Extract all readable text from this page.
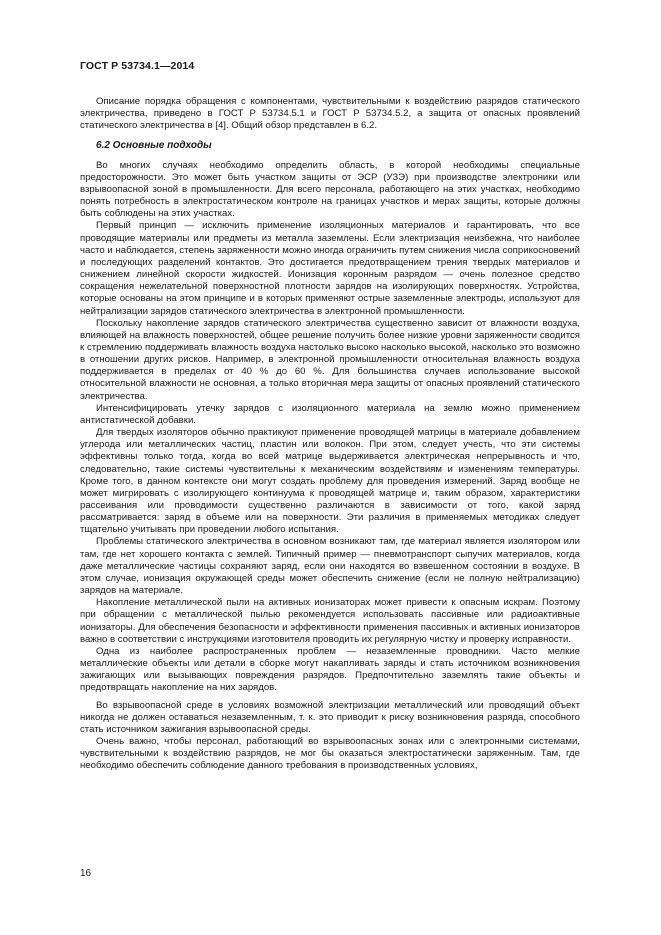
ГОСТ Р 53734.1—2014

Описание порядка обращения с компонентами, чувствительными к воздействию разрядов статического электричества, приведено в ГОСТ Р 53734.5.1 и ГОСТ Р 53734.5.2, а защита от опасных проявлений статического электричества в [4]. Общий обзор представлен в 6.2.

6.2 Основные подходы

Во многих случаях необходимо определить область, в которой необходимы специальные предосторожности. Это может быть участком защиты от ЭСР (УЗЭ) при производстве электроники или взрывоопасной зоной в промышленности. Для всего персонала, работающего на этих участках, необходимо понять потребность в электростатическом контроле на границах участков и мерах защиты, которые должны быть соблюдены на этих участках.

Первый принцип — исключить применение изоляционных материалов и гарантировать, что все проводящие материалы или предметы из металла заземлены. Если электризация неизбежна, что наиболее часто и наблюдается, степень заряженности можно иногда ограничить путем снижения числа соприкосновений и последующих разделений контактов. Это достигается предотвращением трения твердых материалов и снижением линейной скорости жидкостей. Ионизация коронным разрядом — очень полезное средство сокращения нежелательной поверхностной плотности зарядов на изолирующих поверхностях. Устройства, которые основаны на этом принципе и в которых применяют острые заземленные электроды, используют для нейтрализации зарядов статического электричества в электронной промышленности.

Поскольку накопление зарядов статического электричества существенно зависит от влажности воздуха, влияющей на влажность поверхностей, общее решение получить более низкие уровни заряженности сводится к стремлению поддерживать влажность воздуха настолько высоко насколько высокой, насколько это возможно в отношении других рисков. Например, в электронной промышленности относительная влажность воздуха поддерживается в пределах от 40 % до 60 %. Для большинства случаев использование высокой относительной влажности не основная, а только вторичная мера защиты от опасных проявлений статического электричества.

Интенсифицировать утечку зарядов с изоляционного материала на землю можно применением антистатической добавки.

Для твердых изоляторов обычно практикуют применение проводящей матрицы в материале добавлением углерода или металлических частиц, пластин или волокон. При этом, следует учесть, что эти системы эффективны только тогда, когда во всей матрице выдерживается электрическая непрерывность и что, следовательно, такие системы чувствительны к механическим воздействиям и изменениям температуры. Кроме того, в данном контексте они могут создать проблему для проведения измерений. Заряд вообще не может мигрировать с изолирующего континуума к проводящей матрице и, таким образом, характеристики рассеивания или проводимости существенно различаются в зависимости от того, какой заряд рассматривается: заряд в объеме или на поверхности. Эти различия в применяемых методиках следует тщательно учитывать при проведении любого испытания.

Проблемы статического электричества в основном возникают там, где материал является изолятором или там, где нет хорошего контакта с землей. Типичный пример — пневмотранспорт сыпучих материалов, когда даже металлические частицы сохраняют заряд, если они находятся во взвешенном состоянии в воздухе. В этом случае, ионизация окружающей среды может обеспечить снижение (если не полную нейтрализацию) зарядов на материале.

Накопление металлической пыли на активных ионизаторах может привести к опасным искрам. Поэтому при обращении с металлической пылью рекомендуется использовать пассивные или радиоактивные ионизаторы. Для обеспечения безопасности и эффективности применения пассивных и активных ионизаторов важно в соответствии с инструкциями изготовителя проводить их регулярную чистку и проверку исправности.

Одна из наиболее распространенных проблем — незаземленные проводники. Часто мелкие металлические объекты или детали в сборке могут накапливать заряды и стать источником возникновения зажигающих или вызывающих повреждения разрядов. Предпочтительно заземлять такие объекты и предотвращать накопление на них зарядов.

Во взрывоопасной среде в условиях возможной электризации металлический или проводящий объект никогда не должен оставаться незаземленным, т. к. это приводит к риску возникновения разряда, способного стать источником зажигания взрывоопасной среды.

Очень важно, чтобы персонал, работающий во взрывоопасных зонах или с электронными системами, чувствительными к воздействию разрядов, не мог бы оказаться электростатически заряженным. Там, где необходимо обеспечить соблюдение данного требования в производственных условиях,

16
